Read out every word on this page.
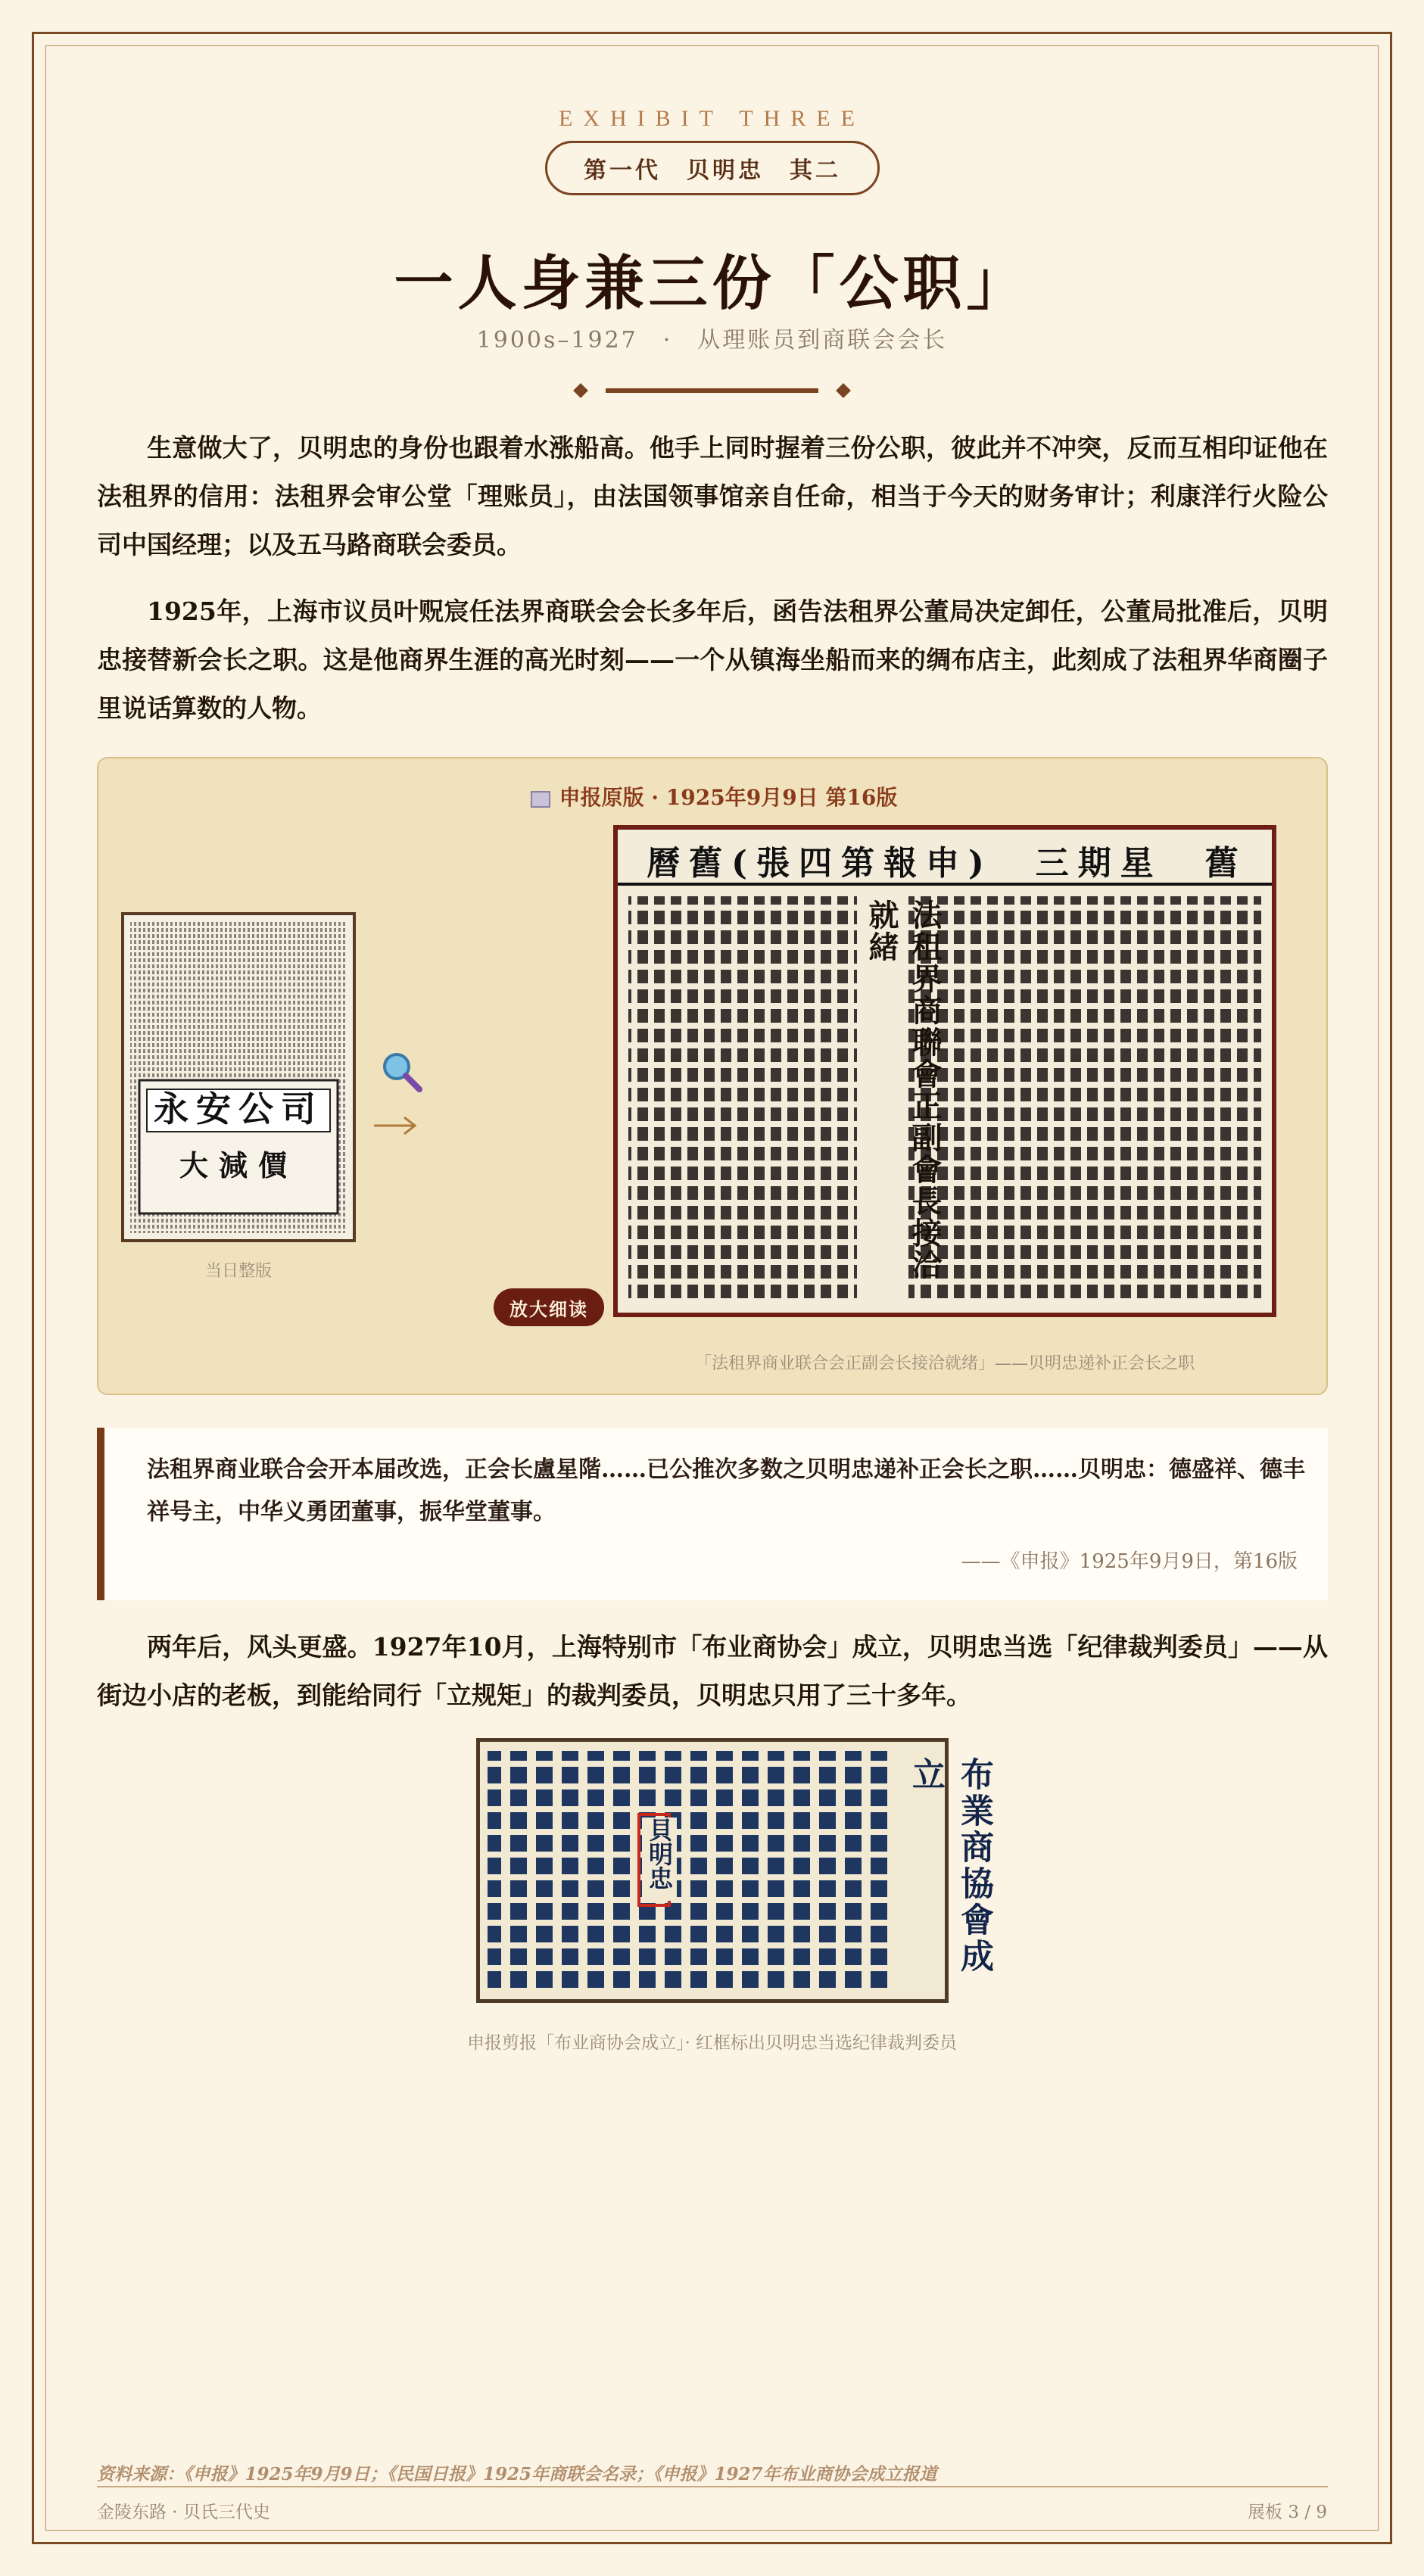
EXHIBIT THREE
第一代　贝明忠　其二
一人身兼三份「公职」
1900s–1927　·　从理账员到商联会会长

生意做大了，贝明忠的身份也跟着水涨船高。他手上同时握着三份公职，彼此并不冲突，反而互相印证他在法租界的信用：法租界会审公堂「理账员」，由法国领事馆亲自任命，相当于今天的财务审计；利康洋行火险公司中国经理；以及五马路商联会委员。

1925年，上海市议员叶贶宸任法界商联会会长多年后，函告法租界公董局决定卸任，公董局批准后，贝明忠接替新会长之职。这是他商界生涯的高光时刻——一个从镇海坐船而来的绸布店主，此刻成了法租界华商圈子里说话算数的人物。

申报原版 · 1925年9月9日 第16版
永安公司
大減價
当日整版
曆舊(張四第報申)　三期星　舊
法租界商聯會正副會長接洽就緒
放大细读
「法租界商业联合会正副会长接洽就绪」——贝明忠递补正会长之职

法租界商业联合会开本届改选，正会长盧星階……已公推次多数之贝明忠递补正会长之职……贝明忠：德盛祥、德丰祥号主，中华义勇团董事，振华堂董事。

——《申报》1925年9月9日，第16版

两年后，风头更盛。1927年10月，上海特别市「布业商协会」成立，贝明忠当选「纪律裁判委员」——从街边小店的老板，到能给同行「立规矩」的裁判委员，贝明忠只用了三十多年。

布業商協會成立
貝明忠
申报剪报「布业商协会成立」· 红框标出贝明忠当选纪律裁判委员
资料来源：《申报》1925年9月9日；《民国日报》1925年商联会名录；《申报》1927年布业商协会成立报道
金陵东路 · 贝氏三代史	展板 3 / 9
